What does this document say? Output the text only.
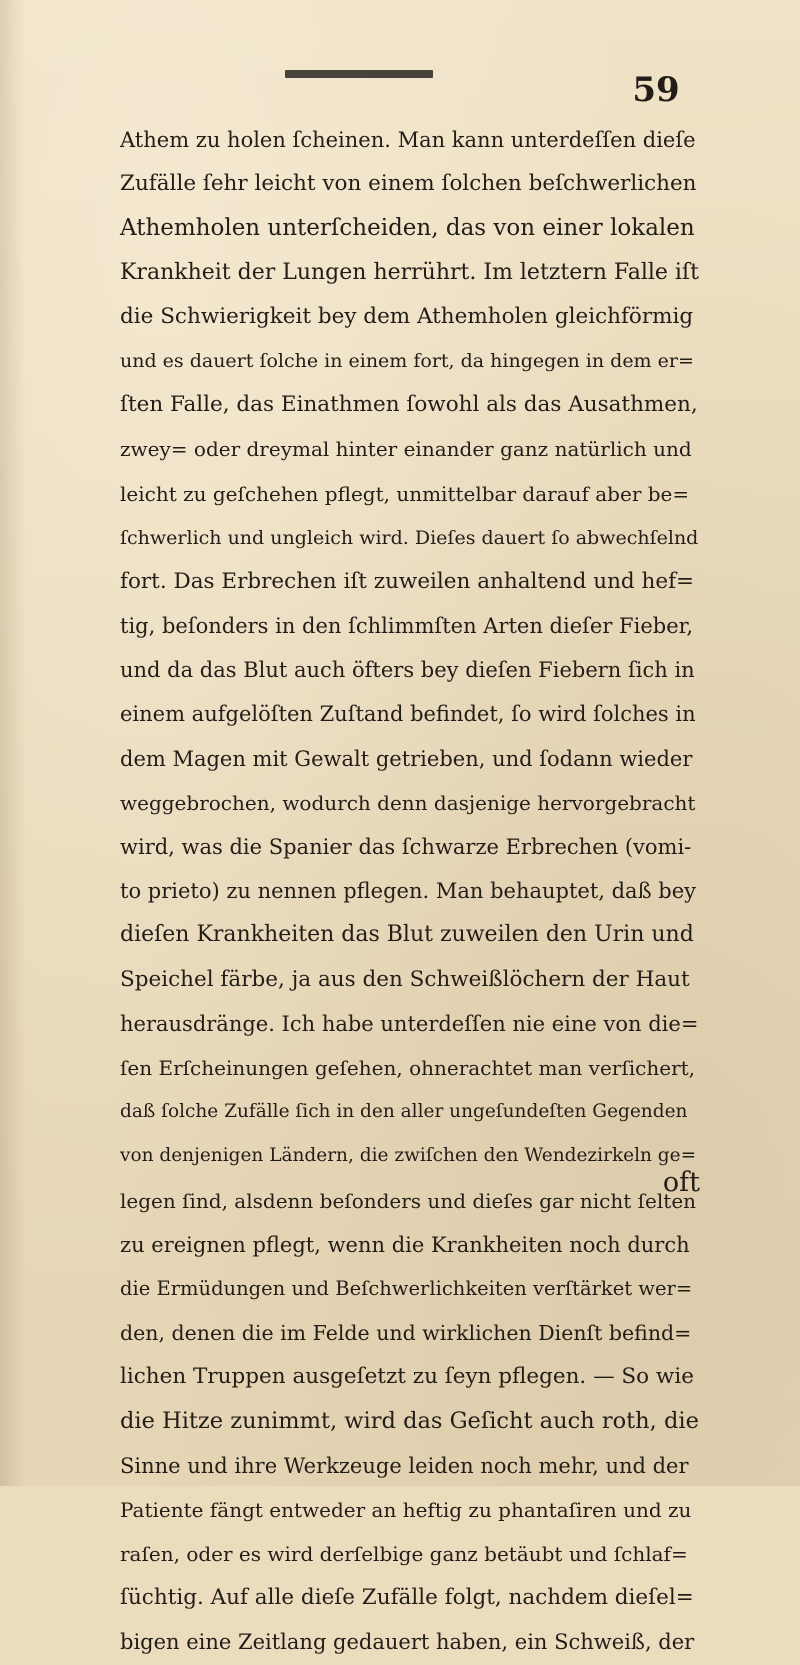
59
Athem zu holen ſcheinen. Man kann unterdeſſen dieſe
Zufälle ſehr leicht von einem ſolchen beſchwerlichen
Athemholen unterſcheiden, das von einer lokalen
Krankheit der Lungen herrührt. Im letztern Falle iſt
die Schwierigkeit bey dem Athemholen gleichförmig
und es dauert ſolche in einem fort, da hingegen in dem er=
ſten Falle, das Einathmen ſowohl als das Ausathmen,
zwey= oder dreymal hinter einander ganz natürlich und
leicht zu geſchehen pflegt, unmittelbar darauf aber be=
ſchwerlich und ungleich wird. Dieſes dauert ſo abwechſelnd
fort. Das Erbrechen iſt zuweilen anhaltend und hef=
tig, beſonders in den ſchlimmſten Arten dieſer Fieber,
und da das Blut auch öfters bey dieſen Fiebern ſich in
einem aufgelöſten Zuſtand befindet, ſo wird ſolches in
dem Magen mit Gewalt getrieben, und ſodann wieder
weggebrochen, wodurch denn dasjenige hervorgebracht
wird, was die Spanier das ſchwarze Erbrechen (vomi-
to prieto) zu nennen pflegen. Man behauptet, daß bey
dieſen Krankheiten das Blut zuweilen den Urin und
Speichel färbe, ja aus den Schweißlöchern der Haut
herausdränge. Ich habe unterdeſſen nie eine von die=
ſen Erſcheinungen geſehen, ohnerachtet man verſichert,
daß ſolche Zufälle ſich in den aller ungeſundeſten Gegenden
von denjenigen Ländern, die zwiſchen den Wendezirkeln ge=
legen ſind, alsdenn beſonders und dieſes gar nicht ſelten
zu ereignen pflegt, wenn die Krankheiten noch durch
die Ermüdungen und Beſchwerlichkeiten verſtärket wer=
den, denen die im Felde und wirklichen Dienſt befind=
lichen Truppen ausgeſetzt zu ſeyn pflegen. — So wie
die Hitze zunimmt, wird das Geſicht auch roth, die
Sinne und ihre Werkzeuge leiden noch mehr, und der
Patiente fängt entweder an heftig zu phantaſiren und zu
raſen, oder es wird derſelbige ganz betäubt und ſchlaf=
ſüchtig. Auf alle dieſe Zufälle folgt, nachdem dieſel=
bigen eine Zeitlang gedauert haben, ein Schweiß, der
oft
